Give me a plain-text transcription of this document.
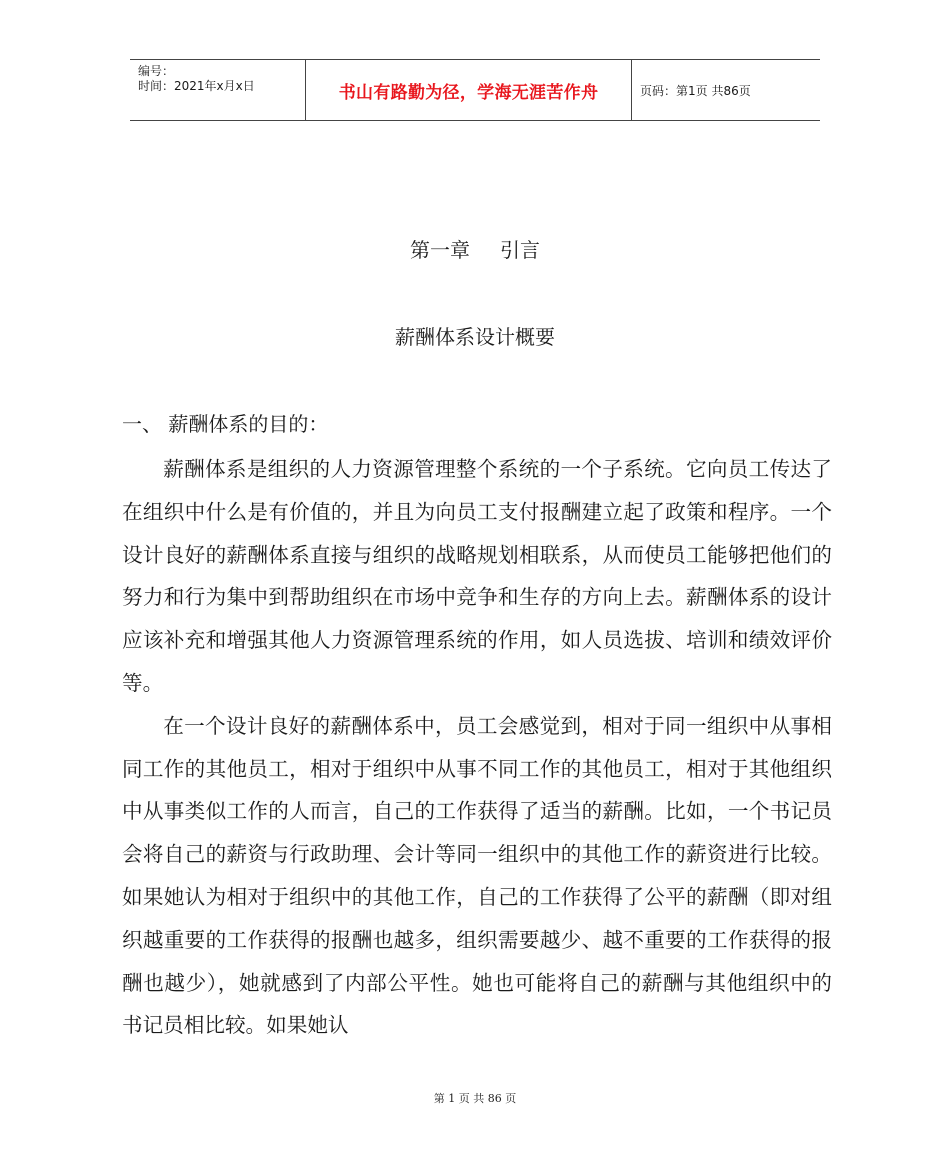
编号：
时间：2021年x月x日	书山有路勤为径，学海无涯苦作舟	页码：第1页 共86页
第一章 引言
薪酬体系设计概要
一、 薪酬体系的目的：

薪酬体系是组织的人力资源管理整个系统的一个子系统。它向员工传达了在组织中什么是有价值的，并且为向员工支付报酬建立起了政策和程序。一个设计良好的薪酬体系直接与组织的战略规划相联系，从而使员工能够把他们的努力和行为集中到帮助组织在市场中竞争和生存的方向上去。薪酬体系的设计应该补充和增强其他人力资源管理系统的作用，如人员选拔、培训和绩效评价等。

在一个设计良好的薪酬体系中，员工会感觉到，相对于同一组织中从事相同工作的其他员工，相对于组织中从事不同工作的其他员工，相对于其他组织中从事类似工作的人而言，自己的工作获得了适当的薪酬。比如，一个书记员会将自己的薪资与行政助理、会计等同一组织中的其他工作的薪资进行比较。如果她认为相对于组织中的其他工作，自己的工作获得了公平的薪酬（即对组织越重要的工作获得的报酬也越多，组织需要越少、越不重要的工作获得的报酬也越少），她就感到了内部公平性。她也可能将自己的薪酬与其他组织中的书记员相比较。如果她认

第 1 页 共 86 页
